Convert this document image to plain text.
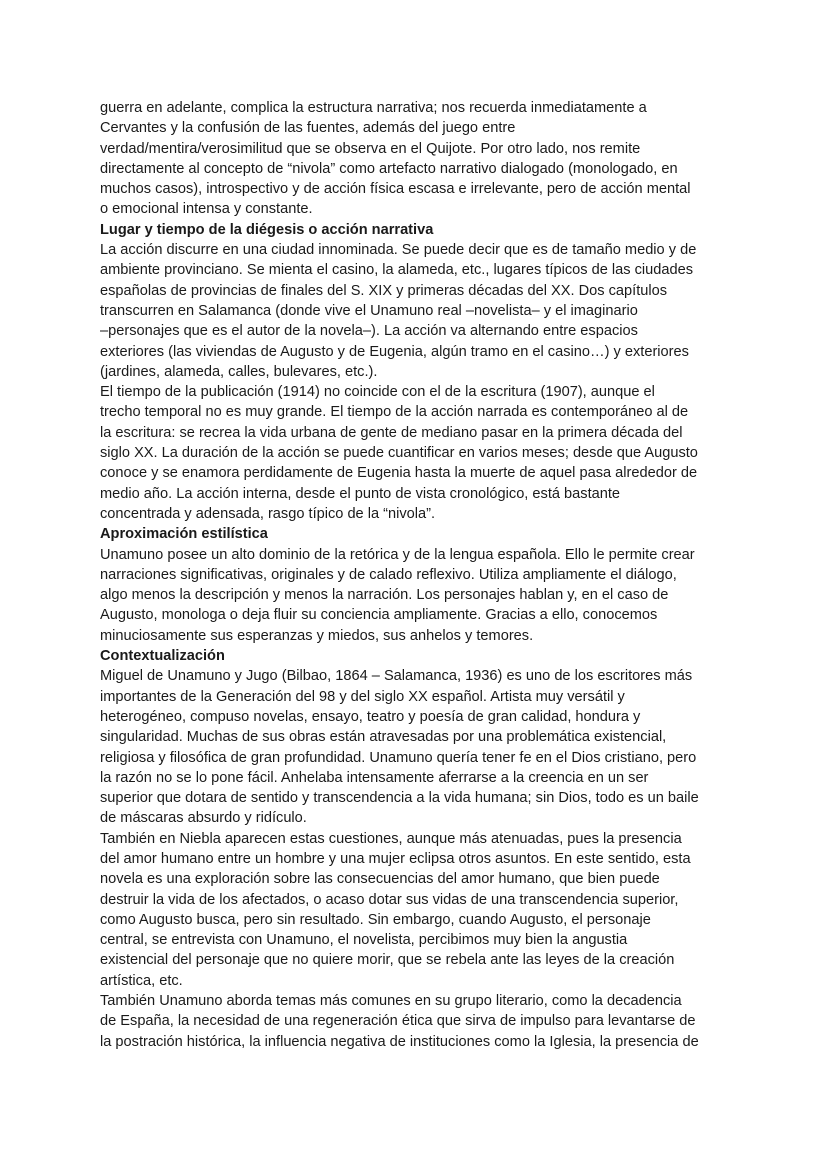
guerra en adelante, complica la estructura narrativa; nos recuerda inmediatamente a
Cervantes y la confusión de las fuentes, además del juego entre
verdad/mentira/verosimilitud que se observa en el Quijote. Por otro lado, nos remite
directamente al concepto de “nivola” como artefacto narrativo dialogado (monologado, en
muchos casos), introspectivo y de acción física escasa e irrelevante, pero de acción mental
o emocional intensa y constante.
Lugar y tiempo de la diégesis o acción narrativa
La acción discurre en una ciudad innominada. Se puede decir que es de tamaño medio y de
ambiente provinciano. Se mienta el casino, la alameda, etc., lugares típicos de las ciudades
españolas de provincias de finales del S. XIX y primeras décadas del XX. Dos capítulos
transcurren en Salamanca (donde vive el Unamuno real –novelista– y el imaginario
–personajes que es el autor de la novela–). La acción va alternando entre espacios
exteriores (las viviendas de Augusto y de Eugenia, algún tramo en el casino…) y exteriores
(jardines, alameda, calles, bulevares, etc.).
El tiempo de la publicación (1914) no coincide con el de la escritura (1907), aunque el
trecho temporal no es muy grande. El tiempo de la acción narrada es contemporáneo al de
la escritura: se recrea la vida urbana de gente de mediano pasar en la primera década del
siglo XX. La duración de la acción se puede cuantificar en varios meses; desde que Augusto
conoce y se enamora perdidamente de Eugenia hasta la muerte de aquel pasa alrededor de
medio año. La acción interna, desde el punto de vista cronológico, está bastante
concentrada y adensada, rasgo típico de la “nivola”.
Aproximación estilística
Unamuno posee un alto dominio de la retórica y de la lengua española. Ello le permite crear
narraciones significativas, originales y de calado reflexivo. Utiliza ampliamente el diálogo,
algo menos la descripción y menos la narración. Los personajes hablan y, en el caso de
Augusto, monologa o deja fluir su conciencia ampliamente. Gracias a ello, conocemos
minuciosamente sus esperanzas y miedos, sus anhelos y temores.
Contextualización
Miguel de Unamuno y Jugo (Bilbao, 1864 – Salamanca, 1936) es uno de los escritores más
importantes de la Generación del 98 y del siglo XX español. Artista muy versátil y
heterogéneo, compuso novelas, ensayo, teatro y poesía de gran calidad, hondura y
singularidad. Muchas de sus obras están atravesadas por una problemática existencial,
religiosa y filosófica de gran profundidad. Unamuno quería tener fe en el Dios cristiano, pero
la razón no se lo pone fácil. Anhelaba intensamente aferrarse a la creencia en un ser
superior que dotara de sentido y transcendencia a la vida humana; sin Dios, todo es un baile
de máscaras absurdo y ridículo.
También en Niebla aparecen estas cuestiones, aunque más atenuadas, pues la presencia
del amor humano entre un hombre y una mujer eclipsa otros asuntos. En este sentido, esta
novela es una exploración sobre las consecuencias del amor humano, que bien puede
destruir la vida de los afectados, o acaso dotar sus vidas de una transcendencia superior,
como Augusto busca, pero sin resultado. Sin embargo, cuando Augusto, el personaje
central, se entrevista con Unamuno, el novelista, percibimos muy bien la angustia
existencial del personaje que no quiere morir, que se rebela ante las leyes de la creación
artística, etc.
También Unamuno aborda temas más comunes en su grupo literario, como la decadencia
de España, la necesidad de una regeneración ética que sirva de impulso para levantarse de
la postración histórica, la influencia negativa de instituciones como la Iglesia, la presencia de
